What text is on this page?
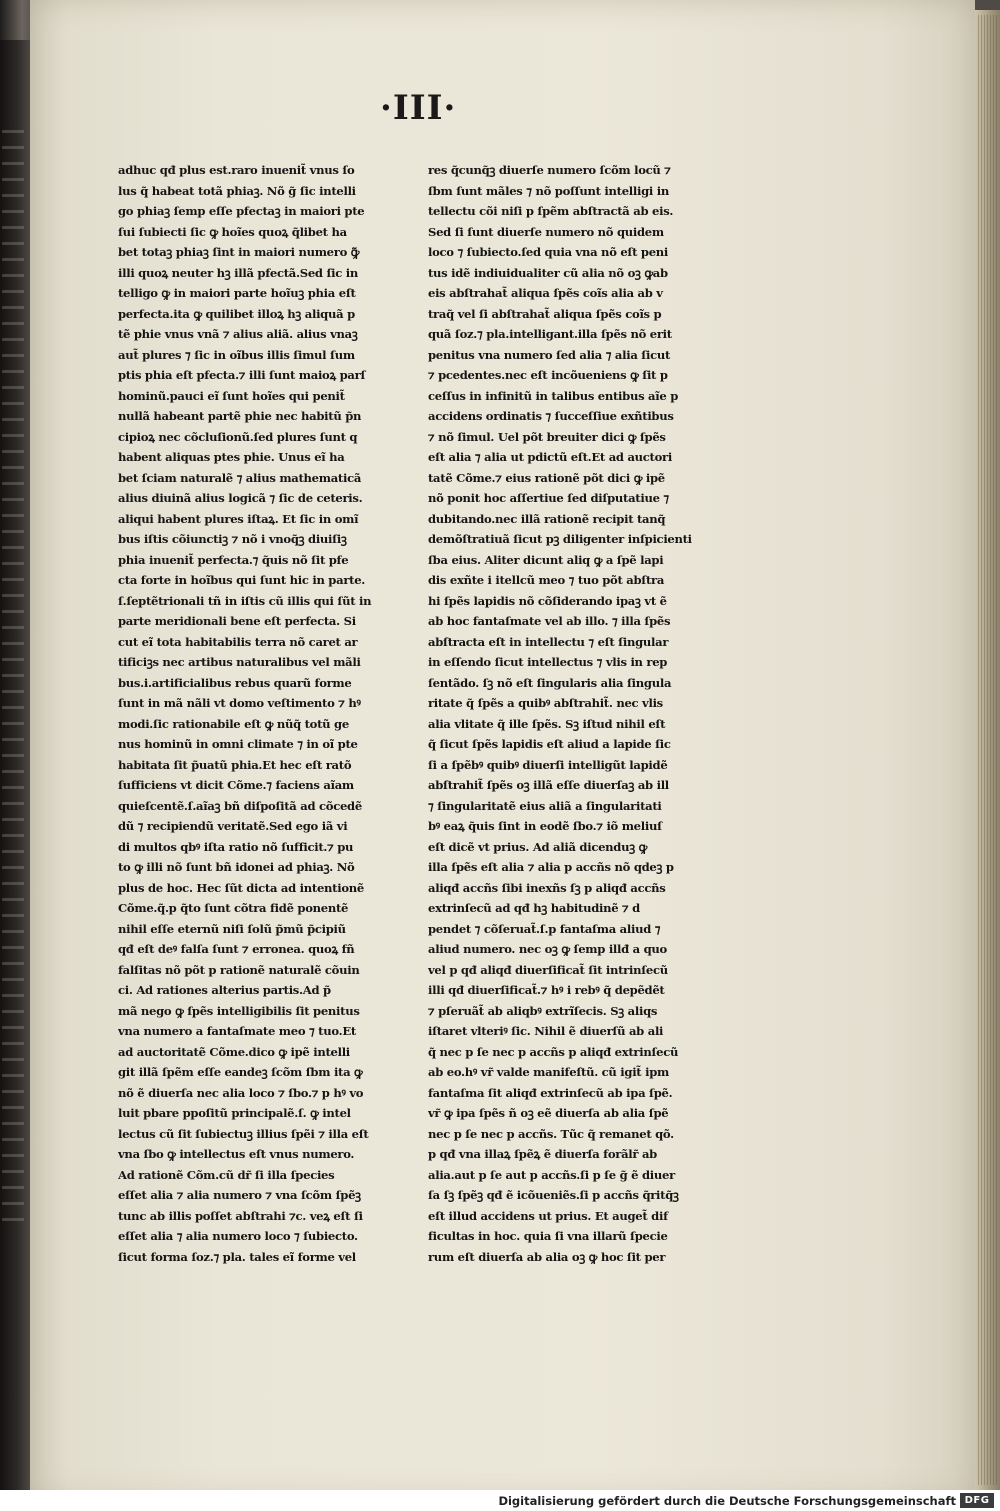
·III·
adhuc qđ plus est.raro inuenit̃ vnus ſo
lus q̃ habeat totã phiaꝫ. Nõ g̃ ſic intelli
go phiaꝫ ſemp eſſe pfectaꝫ in maiori pte
ſui ſubiecti ſic ꝙ hoĩes quoꝝ q̃libet ha
bet totaꝫ phiaꝫ ſint in maiori numero ꝙ̃
illi quoꝝ neuter hꝫ illã pfectã.Sed ſic in
telligo ꝙ in maiori parte hoĩuꝫ phia eſt
perfecta.ita ꝙ quilibet illoꝝ hꝫ aliquã p
tẽ phie vnus vnã ⁊ alius aliã. alius vnaꝫ
aut̃ plures ⁊ ſic in oĩbus illis ſimul ſum
ptis phia eſt pfecta.⁊ illi ſunt maioꝝ parſ
hominũ.pauci eĩ ſunt hoĩes qui penit̃
nullã habeant partẽ phie nec habitũ p̃n
cipioꝝ nec cõcluſionũ.ſed plures ſunt q
habent aliquas ptes phie. Unus eĩ ha
bet ſciam naturalẽ ⁊ alius mathematicã
alius diuinã alius logicã ⁊ ſic de ceteris.
aliqui habent plures iſtaꝝ. Et ſic in omĩ
bus iſtis cõiunctiꝫ ⁊ nõ i vnoq̃ꝫ diuiſiꝫ
phia inuenit̃ perfecta.⁊ q̃uis nõ ſit pfe
cta forte in hoĩbus qui ſunt hic in parte.
ſ.ſeptẽtrionali tñ in iſtis cũ illis qui ſũt in
parte meridionali bene eſt perfecta. Si
cut eĩ tota habitabilis terra nõ caret ar
tificiꝫs nec artibus naturalibus vel mãli
bus.i.artificialibus rebus quarũ forme
ſunt in mã nãli vt domo veſtimento ⁊ hꝰ
modi.ſic rationabile eſt ꝙ nũq̃ totũ ge
nus hominũ in omni climate ⁊ in oĩ pte
habitata ſit p̃uatũ phia.Et hec eſt ratõ
ſufficiens vt dicit Cõme.⁊ faciens aĩam
quieſcentẽ.ſ.aĩaꝫ bñ diſpoſitã ad cõcedẽ
dũ ⁊ recipiendũ veritatẽ.Sed ego iã vi
di multos qbꝰ iſta ratio nõ ſufficit.⁊ pu
to ꝙ illi nõ ſunt bñ idonei ad phiaꝫ. Nõ
plus de hoc. Hec ſũt dicta ad intentionẽ
Cõme.q̃.p q̃to ſunt cõtra fidẽ ponentẽ
nihil eſſe eternũ niſi ſolũ p̃mũ p̃cipiũ
qđ eſt deꝰ falſa ſunt ⁊ erronea. quoꝝ fñ
falſitas nõ põt p rationẽ naturalẽ cõuin
ci. Ad rationes alterius partis.Ad p̃
mã nego ꝙ ſpẽs intelligibilis ſit penitus
vna numero a fantaſmate meo ⁊ tuo.Et
ad auctoritatẽ Cõme.dico ꝙ ipẽ intelli
git illã ſpẽm eſſe eandeꝫ ſcõm ſbm ita ꝙ
nõ ẽ diuerſa nec alia loco ⁊ ſbo.⁊ p hꝰ vo
luit pbare ppoſitũ principalẽ.ſ. ꝙ intel
lectus cũ ſit ſubiectuꝫ illius ſpẽi ⁊ illa eſt
vna ſbo ꝙ intellectus eſt vnus numero.
Ad rationẽ Cõm.cũ dr̃ ſi illa ſpecies
eſſet alia ⁊ alia numero ⁊ vna ſcõm ſpẽꝫ
tunc ab illis poſſet abſtrahi ⁊c. veꝝ eſt ſi
eſſet alia ⁊ alia numero loco ⁊ ſubiecto.
ſicut forma ſoz.⁊ pla. tales eĩ forme vel
res q̃cunq̃ꝫ diuerſe numero ſcõm locũ ⁊
ſbm ſunt mãles ⁊ nõ poſſunt intelligi in
tellectu cõi niſi p ſpẽm abſtractã ab eis.
Sed ſi ſunt diuerſe numero nõ quidem
loco ⁊ ſubiecto.ſed quia vna nõ eſt peni
tus idẽ indiuidualiter cũ alia nõ oꝫ ꝙab
eis abſtrahat̃ aliqua ſpẽs coĩs alia ab v
traq̃ vel ſi abſtrahat̃ aliqua ſpẽs coĩs p
quã ſoz.⁊ pla.intelligant.illa ſpẽs nõ erit
penitus vna numero ſed alia ⁊ alia ſicut
⁊ pcedentes.nec eſt incõueniens ꝙ ſit p
ceſſus in infinitũ in talibus entibus aĩe p
accidens ordinatis ⁊ ſucceſſiue exñtibus
⁊ nõ ſimul. Uel põt breuiter dici ꝙ ſpẽs
eſt alia ⁊ alia ut pdictũ eſt.Et ad auctori
tatẽ Cõme.⁊ eius rationẽ põt dici ꝙ ipẽ
nõ ponit hoc aſſertiue ſed diſputatiue ⁊
dubitando.nec illã rationẽ recipit tanq̃
demõſtratiuã ſicut pꝫ diligenter inſpicienti
ſba eius. Aliter dicunt aliq ꝙ a ſpẽ lapi
dis exñte i itellcũ meo ⁊ tuo põt abſtra
hi ſpẽs lapidis nõ cõſiderando ipaꝫ vt ẽ
ab hoc fantaſmate vel ab illo. ⁊ illa ſpẽs
abſtracta eſt in intellectu ⁊ eſt ſingular
in eſſendo ſicut intellectus ⁊ vlis in rep
ſentãdo. ſꝫ nõ eſt ſingularis alia ſingula
ritate q̃ ſpẽs a quibꝰ abſtrahit̃. nec vlis
alia vlitate q̃ ille ſpẽs. Sꝫ iſtud nihil eſt
q̃ ſicut ſpẽs lapidis eſt aliud a lapide ſic
ſi a ſpẽbꝰ quibꝰ diuerſi intelligũt lapidẽ
abſtrahit̃ ſpẽs oꝫ illã eſſe diuerſaꝫ ab ill
⁊ ſingularitatẽ eius aliã a ſingularitati
bꝰ eaꝝ q̃uis ſint in eodẽ ſbo.⁊ iõ meliuſ
eſt dicẽ vt prius. Ad aliã dicenduꝫ ꝙ
illa ſpẽs eſt alia ⁊ alia p accñs nõ qdeꝫ p
aliqđ accñs ſibi inexñs ſꝫ p aliqđ accñs
extrinſecũ ad qđ hꝫ habitudinẽ ⁊ d
pendet ⁊ cõſeruat̃.ſ.p fantaſma aliud ⁊
aliud numero. nec oꝫ ꝙ ſemp illđ a quo
vel p qđ aliqđ diuerſificat̃ ſit intrinſecũ
illi qđ diuerſificat̃.⁊ hꝰ i rebꝰ q̃ depẽdẽt
⁊ pſeruãt̃ ab aliqbꝰ extrĩſecis. Sꝫ aliqs
iſtaret vlteriꝰ ſic. Nihil ẽ diuerſũ ab ali
q̃ nec p ſe nec p accñs p aliqđ extrinſecũ
ab eo.hꝰ vr̃ valde manifeſtũ. cũ igit̃ ipm
fantaſma ſit aliqđ extrinſecũ ab ipa ſpẽ.
vr̃ ꝙ ipa ſpẽs ñ oꝫ eẽ diuerſa ab alia ſpẽ
nec p ſe nec p accñs. Tũc q̃ remanet qõ.
p qđ vna illaꝝ ſpẽꝝ ẽ diuerſa forãlr̃ ab
alia.aut p ſe aut p accñs.ſi p ſe g̃ ẽ diuer
ſa ſꝫ ſpẽꝫ qđ ẽ icõueniẽs.ſi p accñs q̃ritq̃ꝫ
eſt illud accidens ut prius. Et auget̃ dif
ficultas in hoc. quia ſi vna illarũ ſpecie
rum eſt diuerſa ab alia oꝫ ꝙ hoc ſit per
Digitalisierung gefördert durch die Deutsche Forschungsgemeinschaft DFG
